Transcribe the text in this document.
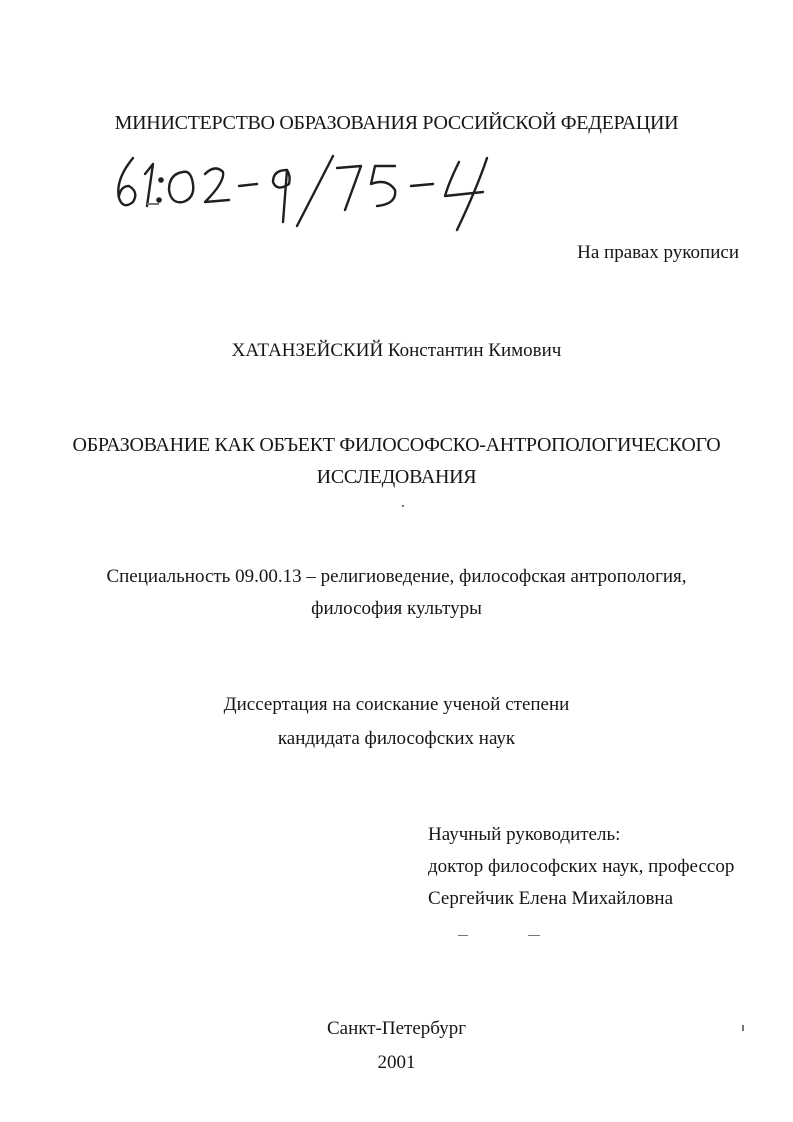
МИНИСТЕРСТВО ОБРАЗОВАНИЯ РОССИЙСКОЙ ФЕДЕРАЦИИ
На правах рукописи
ХАТАНЗЕЙСКИЙ Константин Кимович
ОБРАЗОВАНИЕ КАК ОБЪЕКТ ФИЛОСОФСКО-АНТРОПОЛОГИЧЕСКОГО
ИССЛЕДОВАНИЯ
Специальность 09.00.13 – религиоведение, философская антропология,
философия культуры
Диссертация на соискание ученой степени
кандидата философских наук
Научный руководитель:
доктор философских наук, профессор
Сергейчик Елена Михайловна
Санкт-Петербург
2001
